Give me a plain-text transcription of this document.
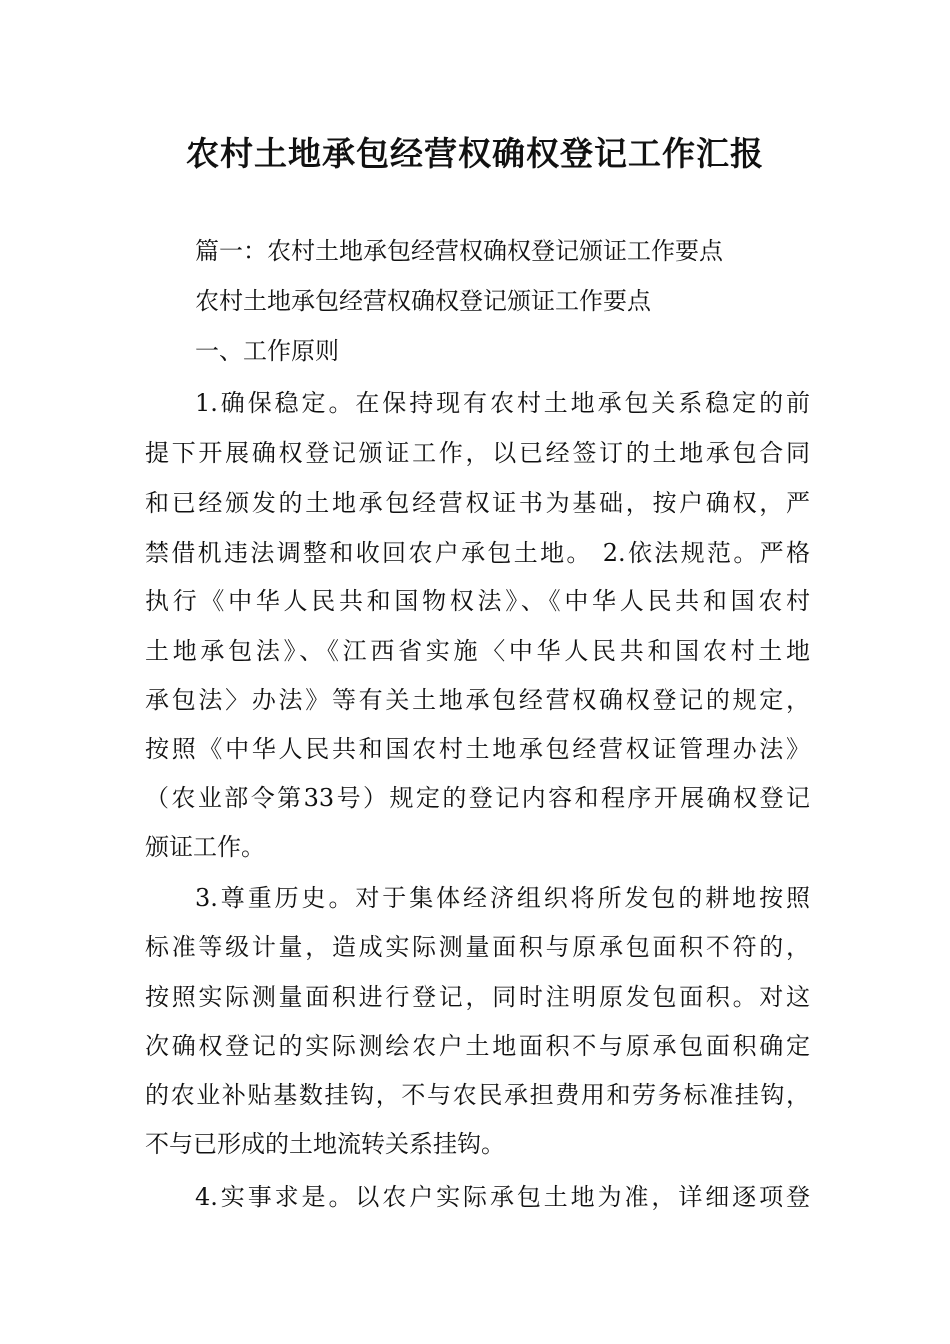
农村土地承包经营权确权登记工作汇报

篇一：农村土地承包经营权确权登记颁证工作要点

农村土地承包经营权确权登记颁证工作要点

一、工作原则

1.确保稳定。在保持现有农村土地承包关系稳定的前

提下开展确权登记颁证工作，以已经签订的土地承包合同

和已经颁发的土地承包经营权证书为基础，按户确权，严

禁借机违法调整和收回农户承包土地。 2.依法规范。严格

执行《中华人民共和国物权法》、《中华人民共和国农村

土地承包法》、《江西省实施〈中华人民共和国农村土地

承包法〉办法》等有关土地承包经营权确权登记的规定，

按照《中华人民共和国农村土地承包经营权证管理办法》

（农业部令第33号）规定的登记内容和程序开展确权登记

颁证工作。

3.尊重历史。对于集体经济组织将所发包的耕地按照

标准等级计量，造成实际测量面积与原承包面积不符的，

按照实际测量面积进行登记，同时注明原发包面积。对这

次确权登记的实际测绘农户土地面积不与原承包面积确定

的农业补贴基数挂钩，不与农民承担费用和劳务标准挂钩，

不与已形成的土地流转关系挂钩。

4.实事求是。以农户实际承包土地为准，详细逐项登
